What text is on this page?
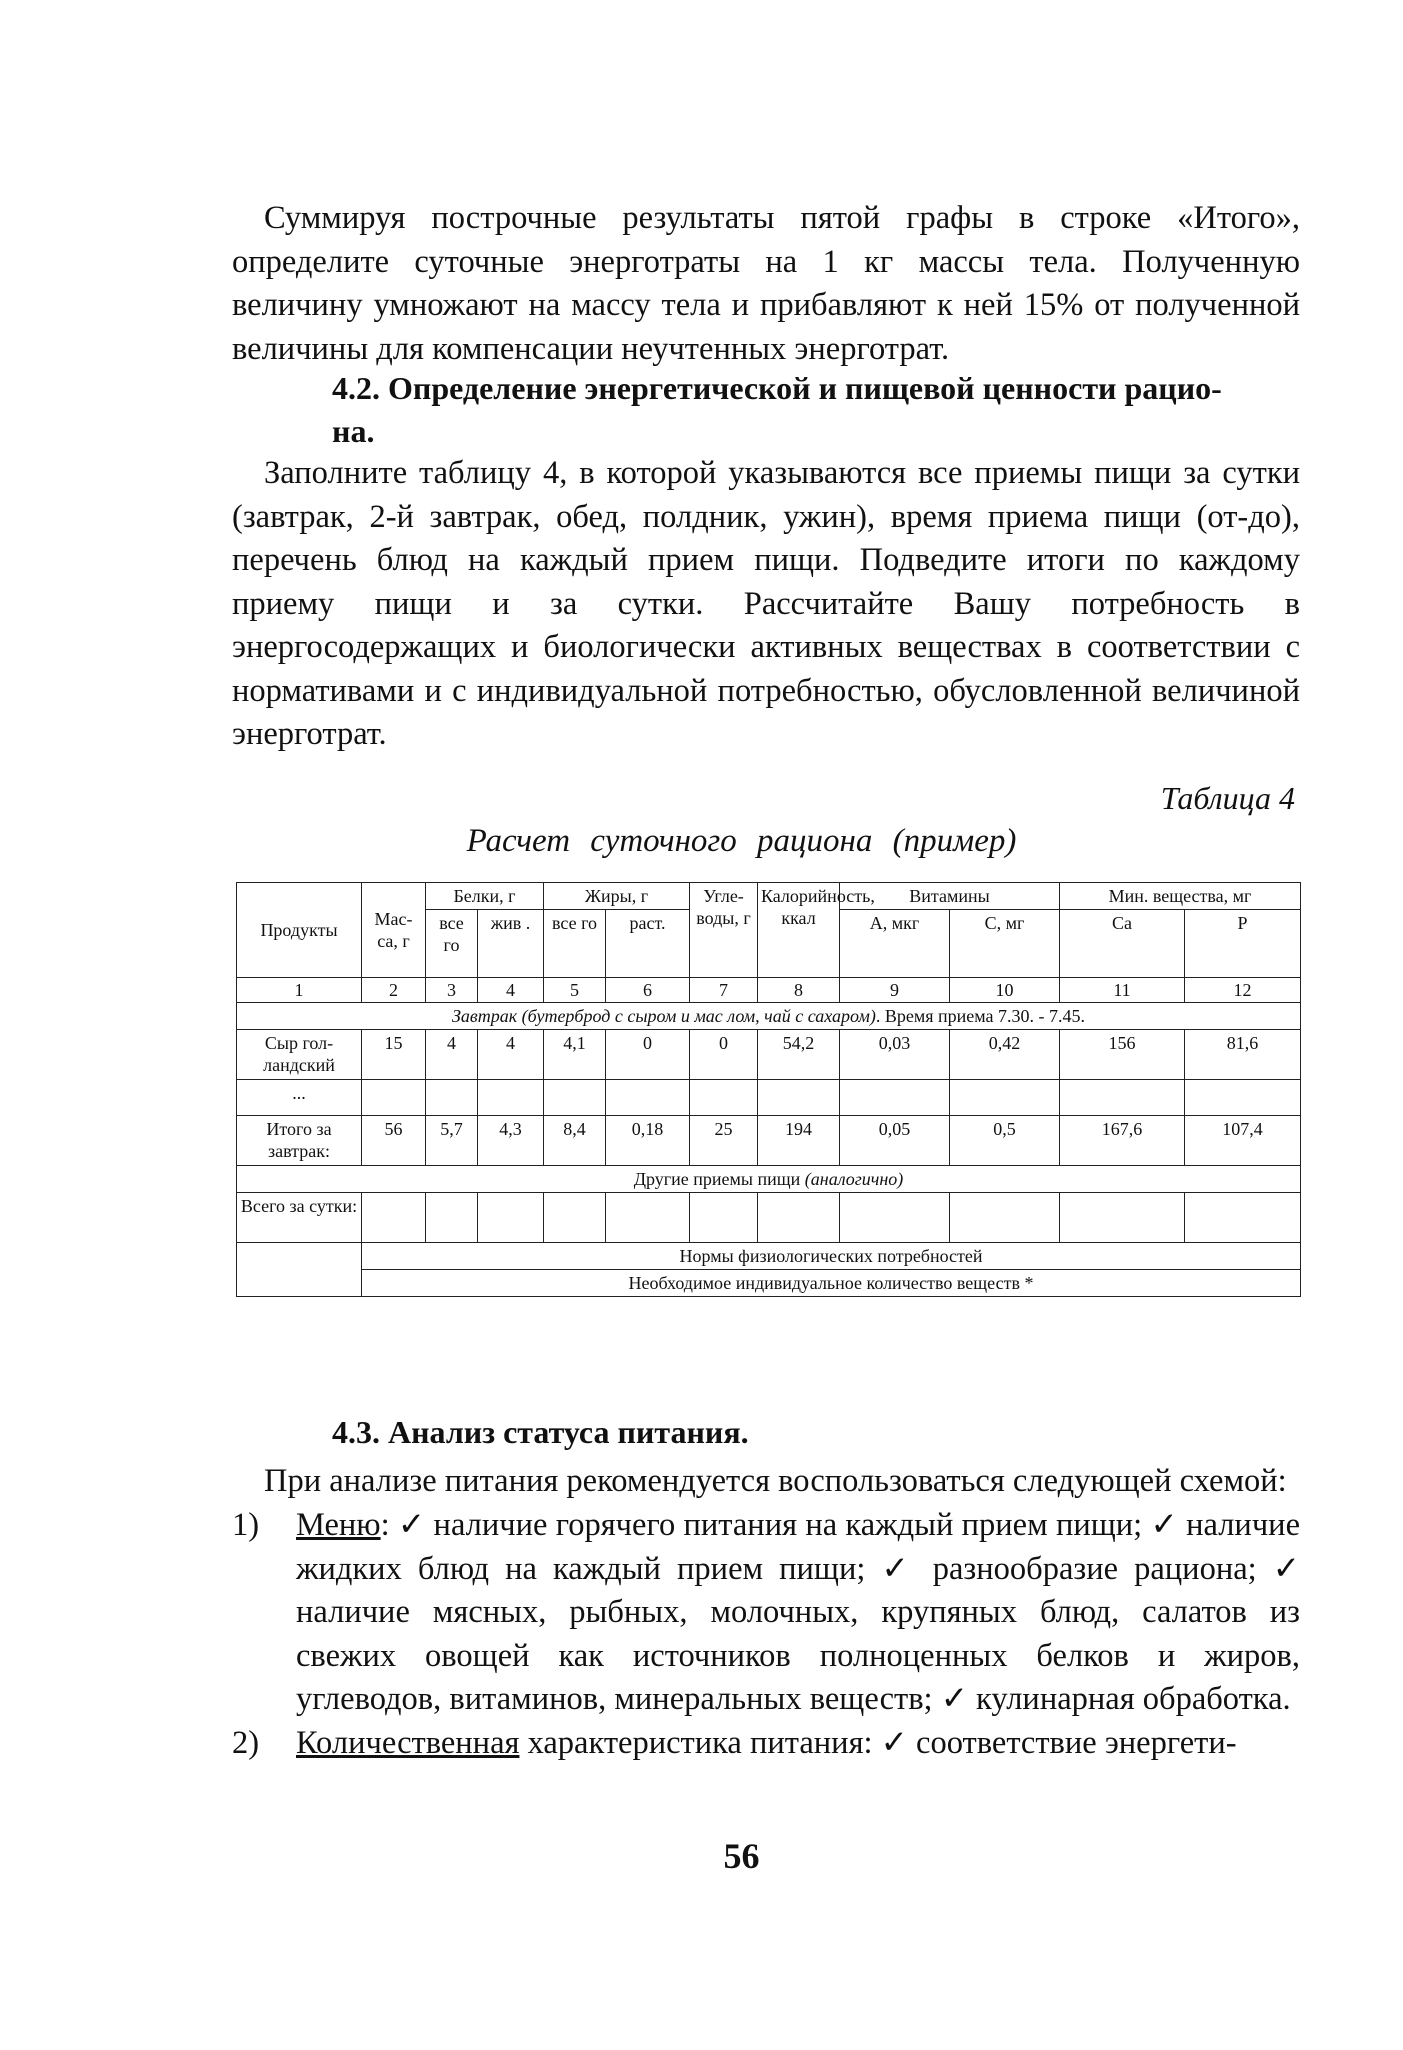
Суммируя построчные результаты пятой графы в строке «Итого», определите суточные энерготраты на 1 кг массы тела. Полученную величину умножают на массу тела и прибавляют к ней 15% от полученной величины для компенсации неучтенных энерготрат.
4.2. Определение энергетической и пищевой ценности рацио-
на.
Заполните таблицу 4, в которой указываются все приемы пищи за сутки (завтрак, 2-й завтрак, обед, полдник, ужин), время приема пищи (от-до), перечень блюд на каждый прием пищи. Подведите итоги по каждому приему пищи и за сутки. Рассчитайте Вашу потребность в энергосодержащих и биологически активных веществах в соответствии с нормативами и с индивидуальной потребностью, обусловленной величиной энерготрат.
Таблица 4
Расчет суточного рациона (пример)
Продукты	Мас-са, г	Белки, г		Жиры, г		Угле-воды, г	Калорийность, ккал	Витамины		Мин. вещества, мг	
		все го	жив .	все го	раст.			А, мкг	С, мг	Са	Р
1	2	3	4	5	6	7	8	9	10	11	12
Завтрак (бутерброд с сыром и мас лом, чай с сахаром). Время приема 7.30. - 7.45.											
Сыр гол-ландский	15	4	4	4,1	0	0	54,2	0,03	0,42	156	81,6
...											
Итого за завтрак:	56	5,7	4,3	8,4	0,18	25	194	0,05	0,5	167,6	107,4
Другие приемы пищи (аналогично)											
Всего за сутки:											
	Нормы физиологических потребностей										
	Необходимое индивидуальное количество веществ *										
4.3. Анализ статуса питания.
При анализе питания рекомендуется воспользоваться следующей схемой:
1) Меню: ✓ наличие горячего питания на каждый прием пищи; ✓ наличие жидких блюд на каждый прием пищи; ✓ разнообразие рациона; ✓ наличие мясных, рыбных, молочных, крупяных блюд, салатов из свежих овощей как источников полноценных белков и жиров, углеводов, витаминов, минеральных веществ; ✓ кулинарная обработка.
2) Количественная характеристика питания: ✓ соответствие энергети-
56
